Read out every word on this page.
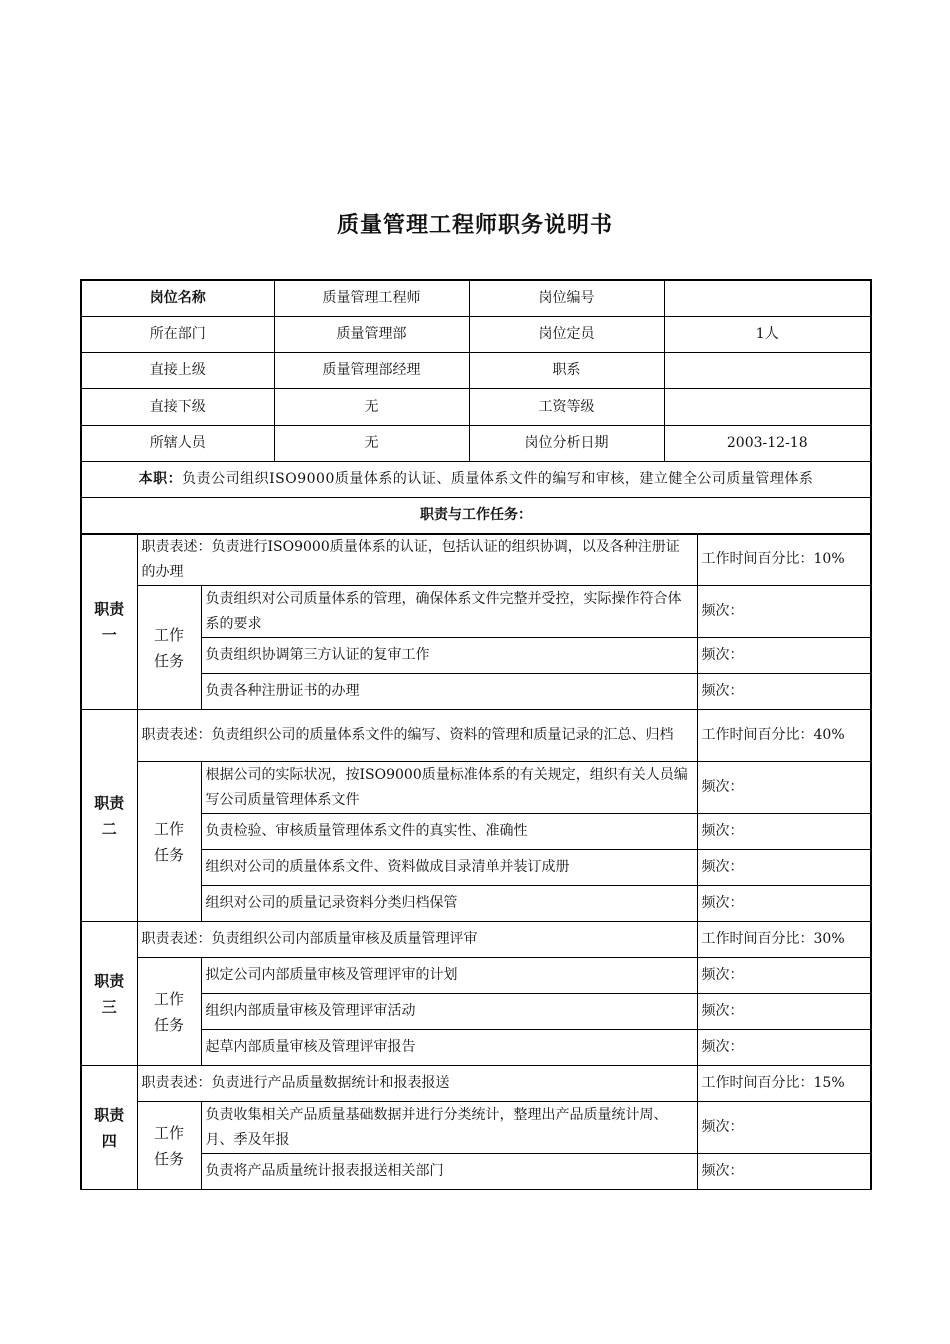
质量管理工程师职务说明书
岗位名称	质量管理工程师	岗位编号	
所在部门	质量管理部	岗位定员	1人
直接上级	质量管理部经理	职系	
直接下级	无	工资等级	
所辖人员	无	岗位分析日期	2003-12-18
本职：负责公司组织ISO9000质量体系的认证、质量体系文件的编写和审核，建立健全公司质量管理体系			
职责与工作任务：			
职责一	职责表述：负责进行ISO9000质量体系的认证，包括认证的组织协调，以及各种注册证的办理		工作时间百分比：10%
	工作任务	负责组织对公司质量体系的管理，确保体系文件完整并受控，实际操作符合体系的要求	频次：
		负责组织协调第三方认证的复审工作	频次：
		负责各种注册证书的办理	频次：
职责二	职责表述：负责组织公司的质量体系文件的编写、资料的管理和质量记录的汇总、归档		工作时间百分比：40%
	工作任务	根据公司的实际状况，按ISO9000质量标准体系的有关规定，组织有关人员编写公司质量管理体系文件	频次：
		负责检验、审核质量管理体系文件的真实性、准确性	频次：
		组织对公司的质量体系文件、资料做成目录清单并装订成册	频次：
		组织对公司的质量记录资料分类归档保管	频次：
职责三	职责表述：负责组织公司内部质量审核及质量管理评审		工作时间百分比：30%
	工作任务	拟定公司内部质量审核及管理评审的计划	频次：
		组织内部质量审核及管理评审活动	频次：
		起草内部质量审核及管理评审报告	频次：
职责四	职责表述：负责进行产品质量数据统计和报表报送		工作时间百分比：15%
	工作任务	负责收集相关产品质量基础数据并进行分类统计，整理出产品质量统计周、月、季及年报	频次：
		负责将产品质量统计报表报送相关部门	频次：
